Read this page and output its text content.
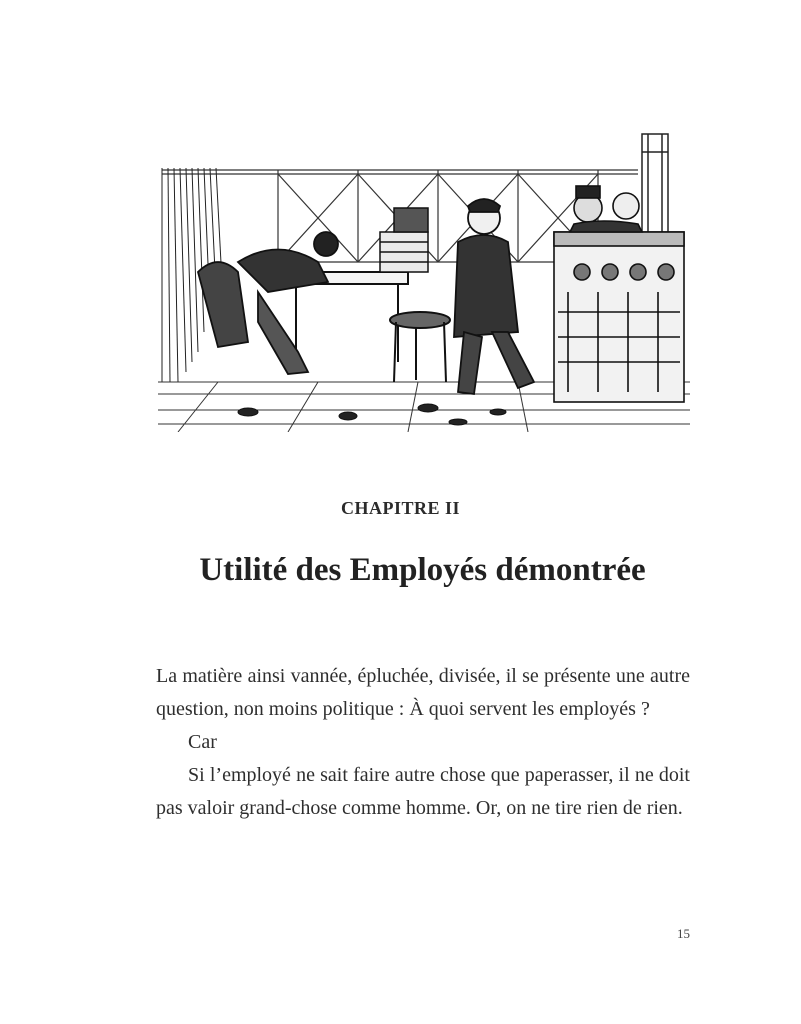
CHAPITRE II
Utilité des Employés démontrée

La matière ainsi vannée, épluchée, divisée, il se présente une autre question, non moins politique : À quoi servent les employés ?

Car

Si l’employé ne sait faire autre chose que paperasser, il ne doit pas valoir grand-chose comme homme. Or, on ne tire rien de rien.

15
